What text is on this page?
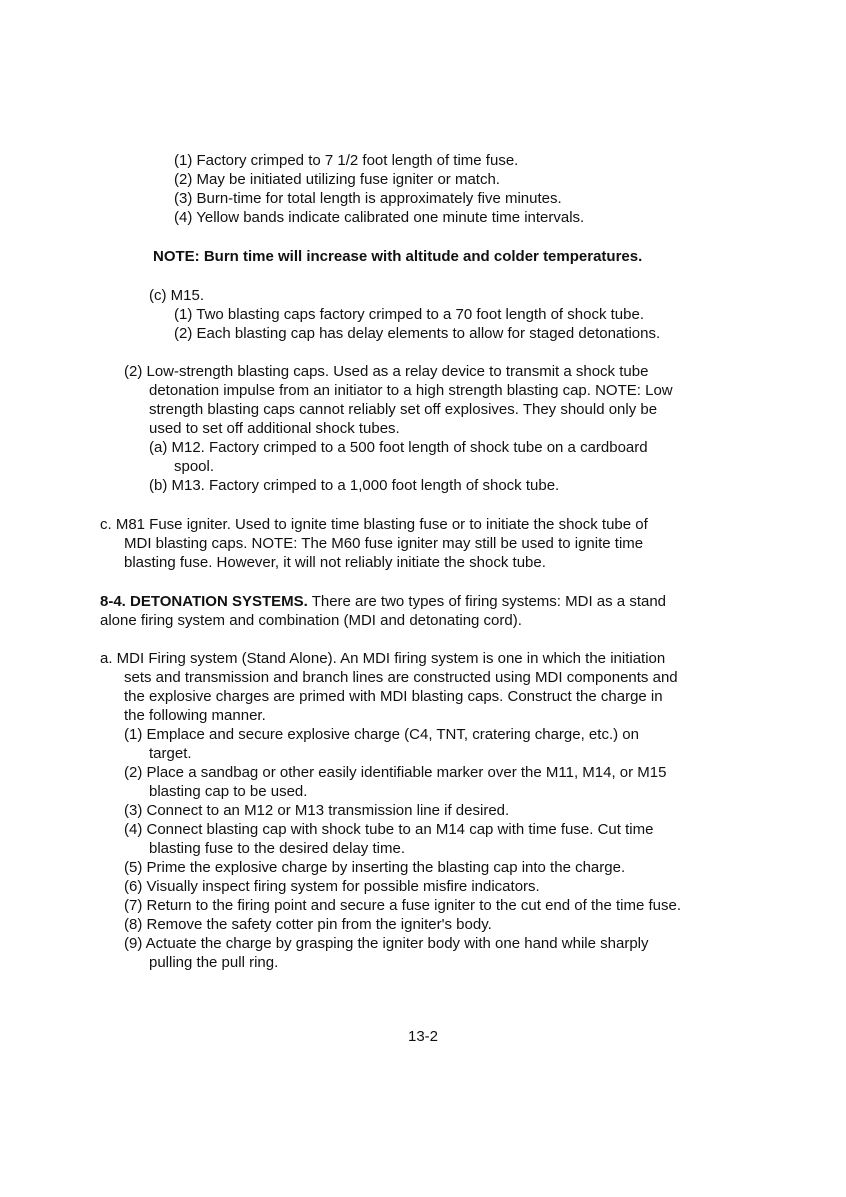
(1) Factory crimped to 7 1/2 foot length of time fuse.
(2) May be initiated utilizing fuse igniter or match.
(3) Burn-time for total length is approximately five minutes.
(4) Yellow bands indicate calibrated one minute time intervals.
NOTE: Burn time will increase with altitude and colder temperatures.
(c) M15.
(1) Two blasting caps factory crimped to a 70 foot length of shock tube.
(2) Each blasting cap has delay elements to allow for staged detonations.
(2) Low-strength blasting caps. Used as a relay device to transmit a shock tube
detonation impulse from an initiator to a high strength blasting cap. NOTE: Low
strength blasting caps cannot reliably set off explosives. They should only be
used to set off additional shock tubes.
(a) M12. Factory crimped to a 500 foot length of shock tube on a cardboard
spool.
(b) M13. Factory crimped to a 1,000 foot length of shock tube.
c. M81 Fuse igniter. Used to ignite time blasting fuse or to initiate the shock tube of
MDI blasting caps. NOTE: The M60 fuse igniter may still be used to ignite time
blasting fuse. However, it will not reliably initiate the shock tube.
8-4. DETONATION SYSTEMS. There are two types of firing systems: MDI as a stand
alone firing system and combination (MDI and detonating cord).
a. MDI Firing system (Stand Alone). An MDI firing system is one in which the initiation
sets and transmission and branch lines are constructed using MDI components and
the explosive charges are primed with MDI blasting caps. Construct the charge in
the following manner.
(1) Emplace and secure explosive charge (C4, TNT, cratering charge, etc.) on
target.
(2) Place a sandbag or other easily identifiable marker over the M11, M14, or M15
blasting cap to be used.
(3) Connect to an M12 or M13 transmission line if desired.
(4) Connect blasting cap with shock tube to an M14 cap with time fuse. Cut time
blasting fuse to the desired delay time.
(5) Prime the explosive charge by inserting the blasting cap into the charge.
(6) Visually inspect firing system for possible misfire indicators.
(7) Return to the firing point and secure a fuse igniter to the cut end of the time fuse.
(8) Remove the safety cotter pin from the igniter's body.
(9) Actuate the charge by grasping the igniter body with one hand while sharply
pulling the pull ring.
13-2
